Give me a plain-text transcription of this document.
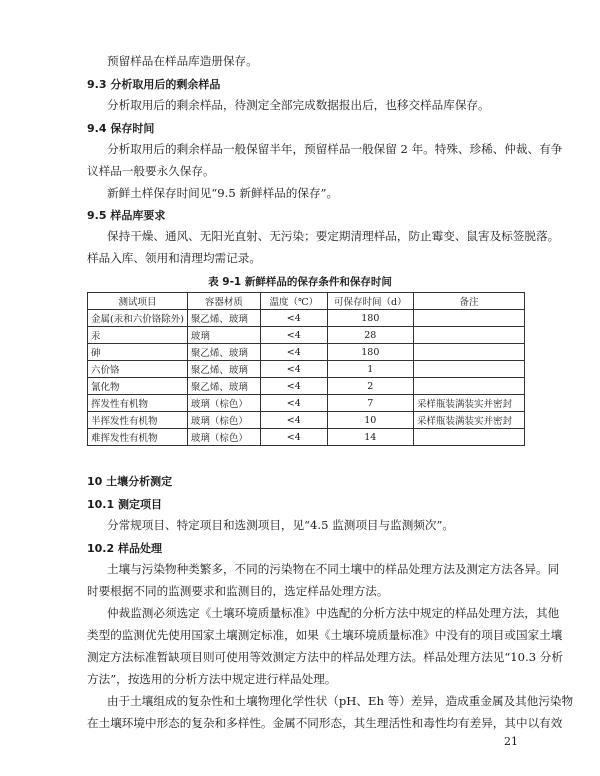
预留样品在样品库造册保存。
9.3 分析取用后的剩余样品
分析取用后的剩余样品，待测定全部完成数据报出后，也移交样品库保存。
9.4 保存时间
分析取用后的剩余样品一般保留半年，预留样品一般保留 2 年。特殊、珍稀、仲裁、有争
议样品一般要永久保存。
新鲜土样保存时间见“9.5 新鲜样品的保存”。
9.5 样品库要求
保持干燥、通风、无阳光直射、无污染；要定期清理样品，防止霉变、鼠害及标签脱落。
样品入库、领用和清理均需记录。
表 9-1 新鲜样品的保存条件和保存时间
测试项目	容器材质	温度（℃）	可保存时间（d）	备注
金属(汞和六价铬除外)	聚乙烯、玻璃	<4	180	
汞	玻璃	<4	28	
砷	聚乙烯、玻璃	<4	180	
六价铬	聚乙烯、玻璃	<4	1	
氰化物	聚乙烯、玻璃	<4	2	
挥发性有机物	玻璃（棕色）	<4	7	采样瓶装满装实并密封
半挥发性有机物	玻璃（棕色）	<4	10	采样瓶装满装实并密封
难挥发性有机物	玻璃（棕色）	<4	14	
10 土壤分析测定
10.1 测定项目
分常规项目、特定项目和选测项目，见“4.5 监测项目与监测频次”。
10.2 样品处理
土壤与污染物种类繁多，不同的污染物在不同土壤中的样品处理方法及测定方法各异。同
时要根据不同的监测要求和监测目的，选定样品处理方法。
仲裁监测必须选定《土壤环境质量标准》中选配的分析方法中规定的样品处理方法，其他
类型的监测优先使用国家土壤测定标准，如果《土壤环境质量标准》中没有的项目或国家土壤
测定方法标准暂缺项目则可使用等效测定方法中的样品处理方法。样品处理方法见“10.3 分析
方法”，按选用的分析方法中规定进行样品处理。
由于土壤组成的复杂性和土壤物理化学性状（pH、Eh 等）差异，造成重金属及其他污染物
在土壤环境中形态的复杂和多样性。金属不同形态，其生理活性和毒性均有差异，其中以有效
21
